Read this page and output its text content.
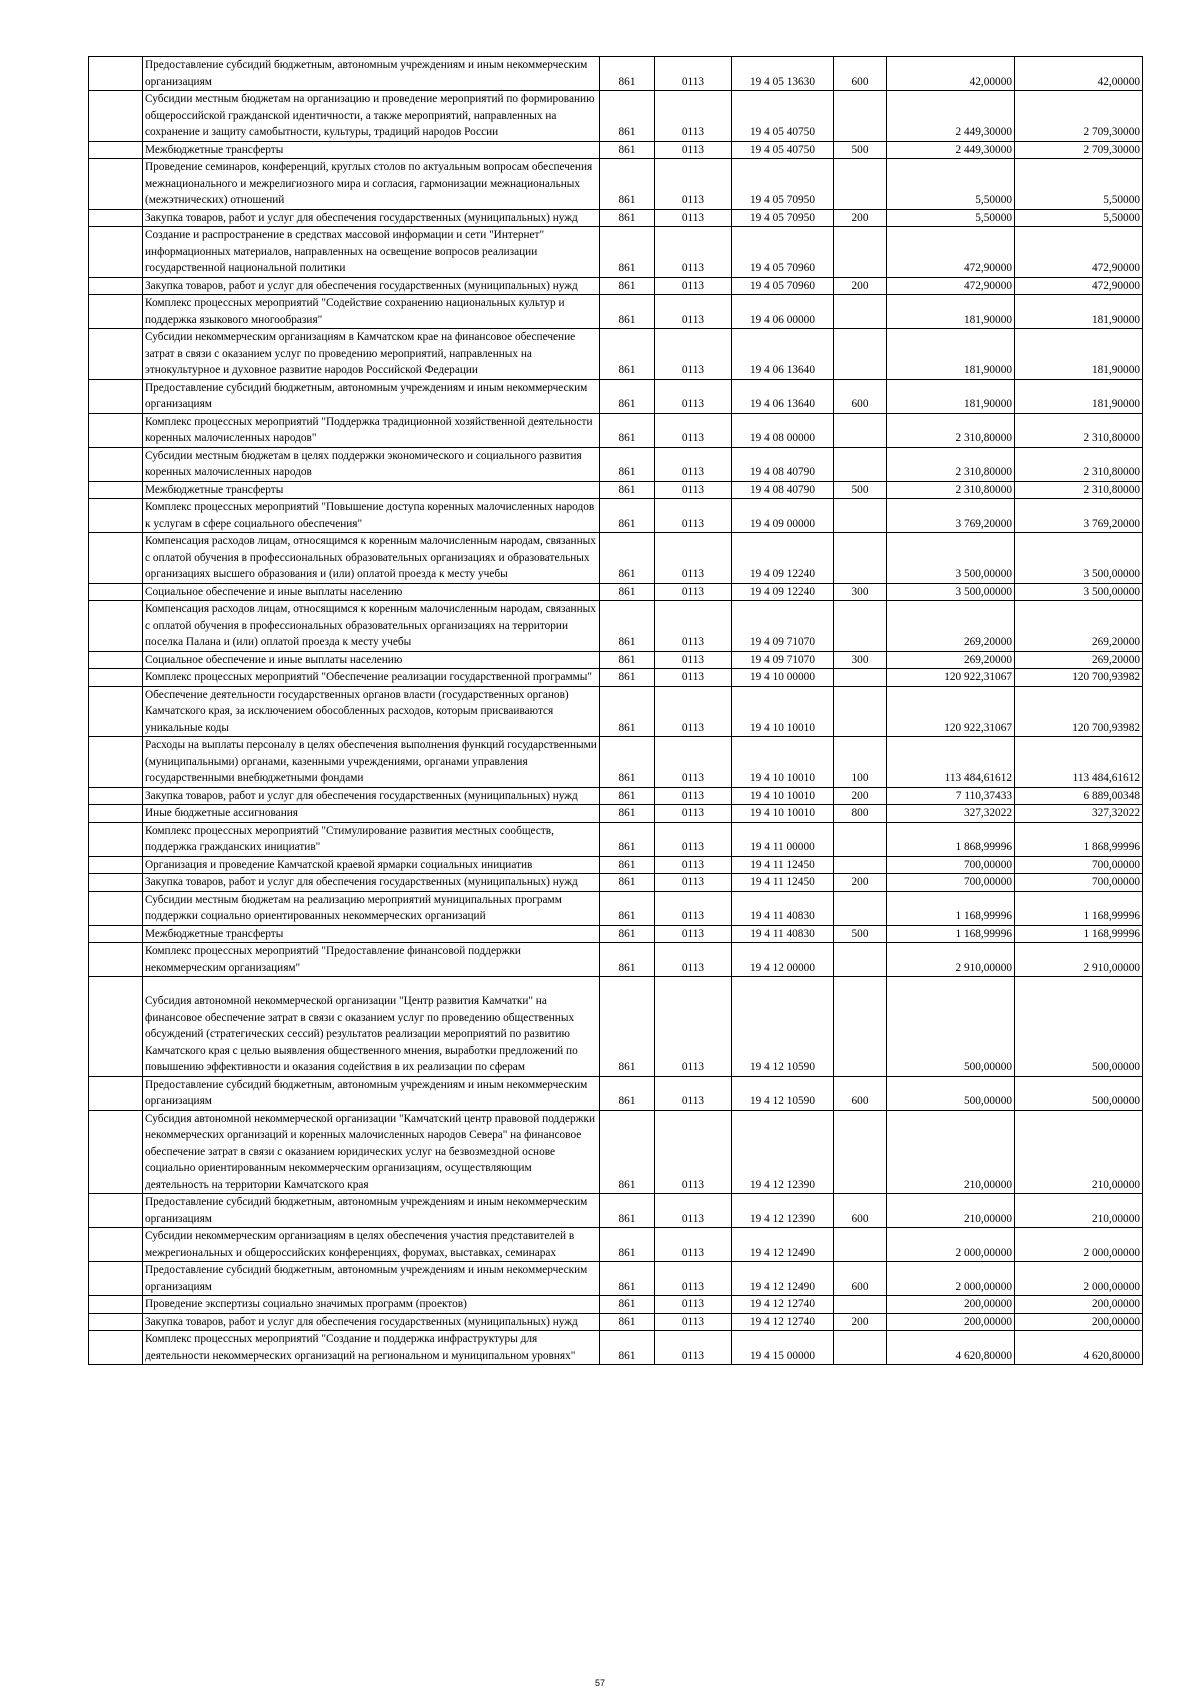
	Предоставление субсидий бюджетным, автономным учреждениям и иным некоммерческим организациям	861	0113	19 4 05 13630	600	42,00000	42,00000
	Субсидии местным бюджетам на организацию и проведение мероприятий по формированию общероссийской гражданской идентичности, а также мероприятий, направленных на сохранение и защиту самобытности, культуры, традиций народов России	861	0113	19 4 05 40750		2 449,30000	2 709,30000
	Межбюджетные трансферты	861	0113	19 4 05 40750	500	2 449,30000	2 709,30000
	Проведение семинаров, конференций, круглых столов по актуальным вопросам обеспечения межнационального и межрелигиозного мира и согласия, гармонизации межнациональных (межэтнических) отношений	861	0113	19 4 05 70950		5,50000	5,50000
	Закупка товаров, работ и услуг для обеспечения государственных (муниципальных) нужд	861	0113	19 4 05 70950	200	5,50000	5,50000
	Создание и распространение в средствах массовой информации и сети "Интернет" информационных материалов, направленных на освещение вопросов реализации государственной национальной политики	861	0113	19 4 05 70960		472,90000	472,90000
	Закупка товаров, работ и услуг для обеспечения государственных (муниципальных) нужд	861	0113	19 4 05 70960	200	472,90000	472,90000
	Комплекс процессных мероприятий "Содействие сохранению национальных культур и поддержка языкового многообразия"	861	0113	19 4 06 00000		181,90000	181,90000
	Субсидии некоммерческим организациям в Камчатском крае на финансовое обеспечение затрат в связи с оказанием услуг по проведению мероприятий, направленных на этнокультурное и духовное развитие народов Российской Федерации	861	0113	19 4 06 13640		181,90000	181,90000
	Предоставление субсидий бюджетным, автономным учреждениям и иным некоммерческим организациям	861	0113	19 4 06 13640	600	181,90000	181,90000
	Комплекс процессных мероприятий "Поддержка традиционной хозяйственной деятельности коренных малочисленных народов"	861	0113	19 4 08 00000		2 310,80000	2 310,80000
	Субсидии местным бюджетам в целях поддержки экономического и социального развития коренных малочисленных народов	861	0113	19 4 08 40790		2 310,80000	2 310,80000
	Межбюджетные трансферты	861	0113	19 4 08 40790	500	2 310,80000	2 310,80000
	Комплекс процессных мероприятий "Повышение доступа коренных малочисленных народов к услугам в сфере социального обеспечения"	861	0113	19 4 09 00000		3 769,20000	3 769,20000
	Компенсация расходов лицам, относящимся к коренным малочисленным народам, связанных с оплатой обучения в профессиональных образовательных организациях и образовательных организациях высшего образования и (или) оплатой проезда к месту учебы	861	0113	19 4 09 12240		3 500,00000	3 500,00000
	Социальное обеспечение и иные выплаты населению	861	0113	19 4 09 12240	300	3 500,00000	3 500,00000
	Компенсация расходов лицам, относящимся к коренным малочисленным народам, связанных с оплатой обучения в профессиональных образовательных организациях на территории поселка Палана и (или) оплатой проезда к месту учебы	861	0113	19 4 09 71070		269,20000	269,20000
	Социальное обеспечение и иные выплаты населению	861	0113	19 4 09 71070	300	269,20000	269,20000
	Комплекс процессных мероприятий "Обеспечение реализации государственной программы"	861	0113	19 4 10 00000		120 922,31067	120 700,93982
	Обеспечение деятельности государственных органов власти (государственных органов) Камчатского края, за исключением обособленных расходов, которым присваиваются уникальные коды	861	0113	19 4 10 10010		120 922,31067	120 700,93982
	Расходы на выплаты персоналу в целях обеспечения выполнения функций государственными (муниципальными) органами, казенными учреждениями, органами управления государственными внебюджетными фондами	861	0113	19 4 10 10010	100	113 484,61612	113 484,61612
	Закупка товаров, работ и услуг для обеспечения государственных (муниципальных) нужд	861	0113	19 4 10 10010	200	7 110,37433	6 889,00348
	Иные бюджетные ассигнования	861	0113	19 4 10 10010	800	327,32022	327,32022
	Комплекс процессных мероприятий "Стимулирование развития местных сообществ, поддержка гражданских инициатив"	861	0113	19 4 11 00000		1 868,99996	1 868,99996
	Организация и проведение Камчатской краевой ярмарки социальных инициатив	861	0113	19 4 11 12450		700,00000	700,00000
	Закупка товаров, работ и услуг для обеспечения государственных (муниципальных) нужд	861	0113	19 4 11 12450	200	700,00000	700,00000
	Субсидии местным бюджетам на реализацию мероприятий муниципальных программ поддержки социально ориентированных некоммерческих организаций	861	0113	19 4 11 40830		1 168,99996	1 168,99996
	Межбюджетные трансферты	861	0113	19 4 11 40830	500	1 168,99996	1 168,99996
	Комплекс процессных мероприятий "Предоставление финансовой поддержки некоммерческим организациям"	861	0113	19 4 12 00000		2 910,00000	2 910,00000

Субсидия автономной некоммерческой организации "Центр развития Камчатки" на финансовое обеспечение затрат в связи с оказанием услуг по проведению общественных обсуждений (стратегических сессий) результатов реализации мероприятий по развитию Камчатского края с целью выявления общественного мнения, выработки предложений по повышению эффективности и оказания содействия в их реализации по сферам	861	0113	19 4 12 10590		500,00000	500,00000
	Предоставление субсидий бюджетным, автономным учреждениям и иным некоммерческим организациям	861	0113	19 4 12 10590	600	500,00000	500,00000
	Субсидия автономной некоммерческой организации "Камчатский центр правовой поддержки некоммерческих организаций и коренных малочисленных народов Севера" на финансовое обеспечение затрат в связи с оказанием юридических услуг на безвозмездной основе социально ориентированным некоммерческим организациям, осуществляющим деятельность на территории Камчатского края	861	0113	19 4 12 12390		210,00000	210,00000
	Предоставление субсидий бюджетным, автономным учреждениям и иным некоммерческим организациям	861	0113	19 4 12 12390	600	210,00000	210,00000
	Субсидии некоммерческим организациям в целях обеспечения участия представителей в межрегиональных и общероссийских конференциях, форумах, выставках, семинарах	861	0113	19 4 12 12490		2 000,00000	2 000,00000
	Предоставление субсидий бюджетным, автономным учреждениям и иным некоммерческим организациям	861	0113	19 4 12 12490	600	2 000,00000	2 000,00000
	Проведение экспертизы социально значимых программ (проектов)	861	0113	19 4 12 12740		200,00000	200,00000
	Закупка товаров, работ и услуг для обеспечения государственных (муниципальных) нужд	861	0113	19 4 12 12740	200	200,00000	200,00000
	Комплекс процессных мероприятий "Создание и поддержка инфраструктуры для деятельности некоммерческих организаций на региональном и муниципальном уровнях"	861	0113	19 4 15 00000		4 620,80000	4 620,80000
57
